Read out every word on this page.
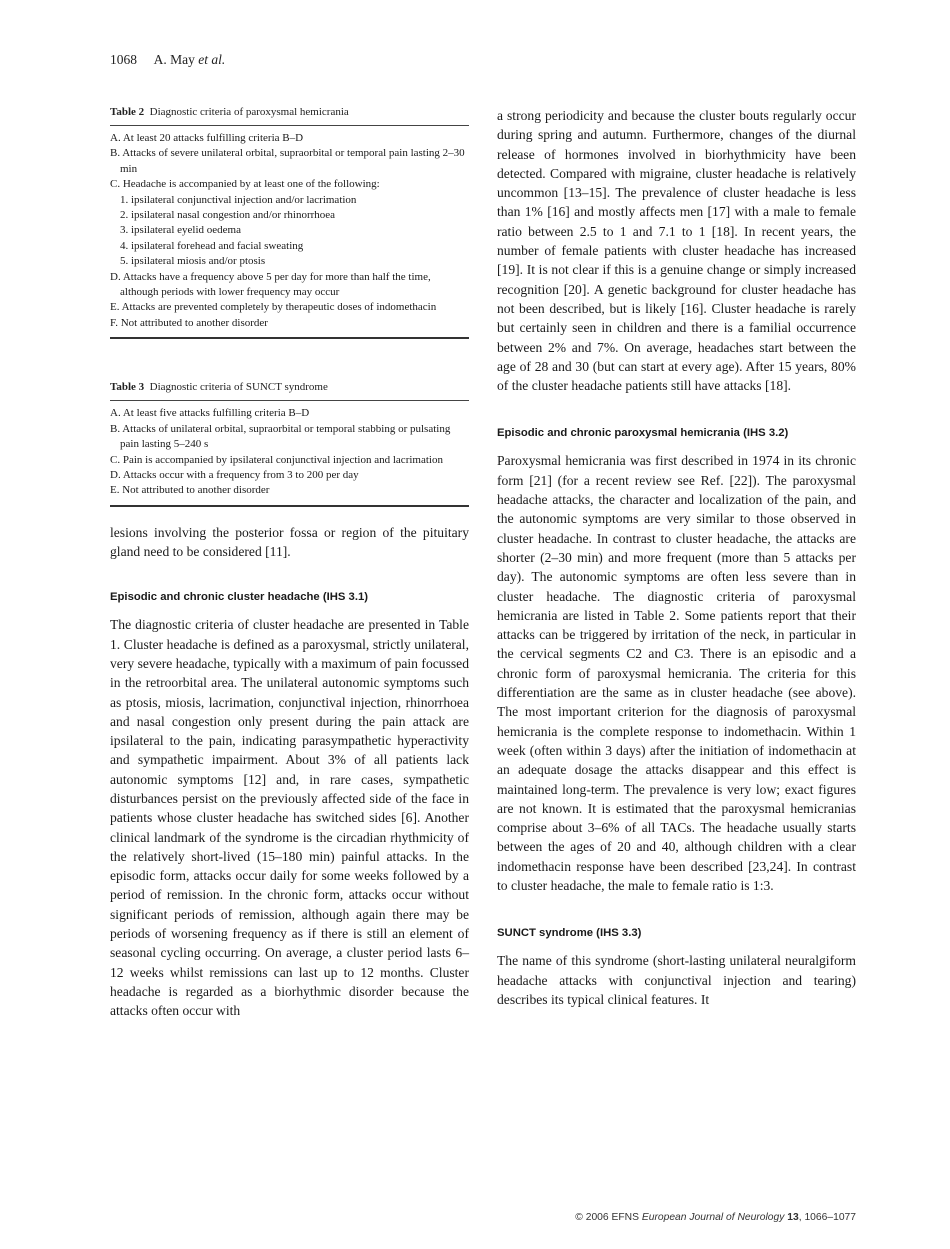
1068 A. May et al.
Table 2 Diagnostic criteria of paroxysmal hemicrania
A. At least 20 attacks fulfilling criteria B–D
B. Attacks of severe unilateral orbital, supraorbital or temporal pain lasting 2–30 min
C. Headache is accompanied by at least one of the following:
1. ipsilateral conjunctival injection and/or lacrimation
2. ipsilateral nasal congestion and/or rhinorrhoea
3. ipsilateral eyelid oedema
4. ipsilateral forehead and facial sweating
5. ipsilateral miosis and/or ptosis
D. Attacks have a frequency above 5 per day for more than half the time, although periods with lower frequency may occur
E. Attacks are prevented completely by therapeutic doses of indomethacin
F. Not attributed to another disorder
Table 3 Diagnostic criteria of SUNCT syndrome
A. At least five attacks fulfilling criteria B–D
B. Attacks of unilateral orbital, supraorbital or temporal stabbing or pulsating pain lasting 5–240 s
C. Pain is accompanied by ipsilateral conjunctival injection and lacrimation
D. Attacks occur with a frequency from 3 to 200 per day
E. Not attributed to another disorder

lesions involving the posterior fossa or region of the pituitary gland need to be considered [11].

Episodic and chronic cluster headache (IHS 3.1)

The diagnostic criteria of cluster headache are presented in Table 1. Cluster headache is defined as a paroxysmal, strictly unilateral, very severe headache, typically with a maximum of pain focussed in the retroorbital area. The unilateral autonomic symptoms such as ptosis, miosis, lacrimation, conjunctival injection, rhinorrhoea and nasal congestion only present during the pain attack are ipsilateral to the pain, indicating parasympathetic hyperactivity and sympathetic impairment. About 3% of all patients lack autonomic symptoms [12] and, in rare cases, sympathetic disturbances persist on the previously affected side of the face in patients whose cluster headache has switched sides [6]. Another clinical landmark of the syndrome is the circadian rhythmicity of the relatively short-lived (15–180 min) painful attacks. In the episodic form, attacks occur daily for some weeks followed by a period of remission. In the chronic form, attacks occur without significant periods of remission, although again there may be periods of worsening frequency as if there is still an element of seasonal cycling occurring. On average, a cluster period lasts 6–12 weeks whilst remissions can last up to 12 months. Cluster headache is regarded as a biorhythmic disorder because the attacks often occur with

a strong periodicity and because the cluster bouts regularly occur during spring and autumn. Furthermore, changes of the diurnal release of hormones involved in biorhythmicity have been detected. Compared with migraine, cluster headache is relatively uncommon [13–15]. The prevalence of cluster headache is less than 1% [16] and mostly affects men [17] with a male to female ratio between 2.5 to 1 and 7.1 to 1 [18]. In recent years, the number of female patients with cluster headache has increased [19]. It is not clear if this is a genuine change or simply increased recognition [20]. A genetic background for cluster headache has not been described, but is likely [16]. Cluster headache is rarely but certainly seen in children and there is a familial occurrence between 2% and 7%. On average, headaches start between the age of 28 and 30 (but can start at every age). After 15 years, 80% of the cluster headache patients still have attacks [18].

Episodic and chronic paroxysmal hemicrania (IHS 3.2)

Paroxysmal hemicrania was first described in 1974 in its chronic form [21] (for a recent review see Ref. [22]). The paroxysmal headache attacks, the character and localization of the pain, and the autonomic symptoms are very similar to those observed in cluster headache. In contrast to cluster headache, the attacks are shorter (2–30 min) and more frequent (more than 5 attacks per day). The autonomic symptoms are often less severe than in cluster headache. The diagnostic criteria of paroxysmal hemicrania are listed in Table 2. Some patients report that their attacks can be triggered by irritation of the neck, in particular in the cervical segments C2 and C3. There is an episodic and a chronic form of paroxysmal hemicrania. The criteria for this differentiation are the same as in cluster headache (see above). The most important criterion for the diagnosis of paroxysmal hemicrania is the complete response to indomethacin. Within 1 week (often within 3 days) after the initiation of indomethacin at an adequate dosage the attacks disappear and this effect is maintained long-term. The prevalence is very low; exact figures are not known. It is estimated that the paroxysmal hemicranias comprise about 3–6% of all TACs. The headache usually starts between the ages of 20 and 40, although children with a clear indomethacin response have been described [23,24]. In contrast to cluster headache, the male to female ratio is 1:3.

SUNCT syndrome (IHS 3.3)

The name of this syndrome (short-lasting unilateral neuralgiform headache attacks with conjunctival injection and tearing) describes its typical clinical features. It

© 2006 EFNS European Journal of Neurology 13, 1066–1077
